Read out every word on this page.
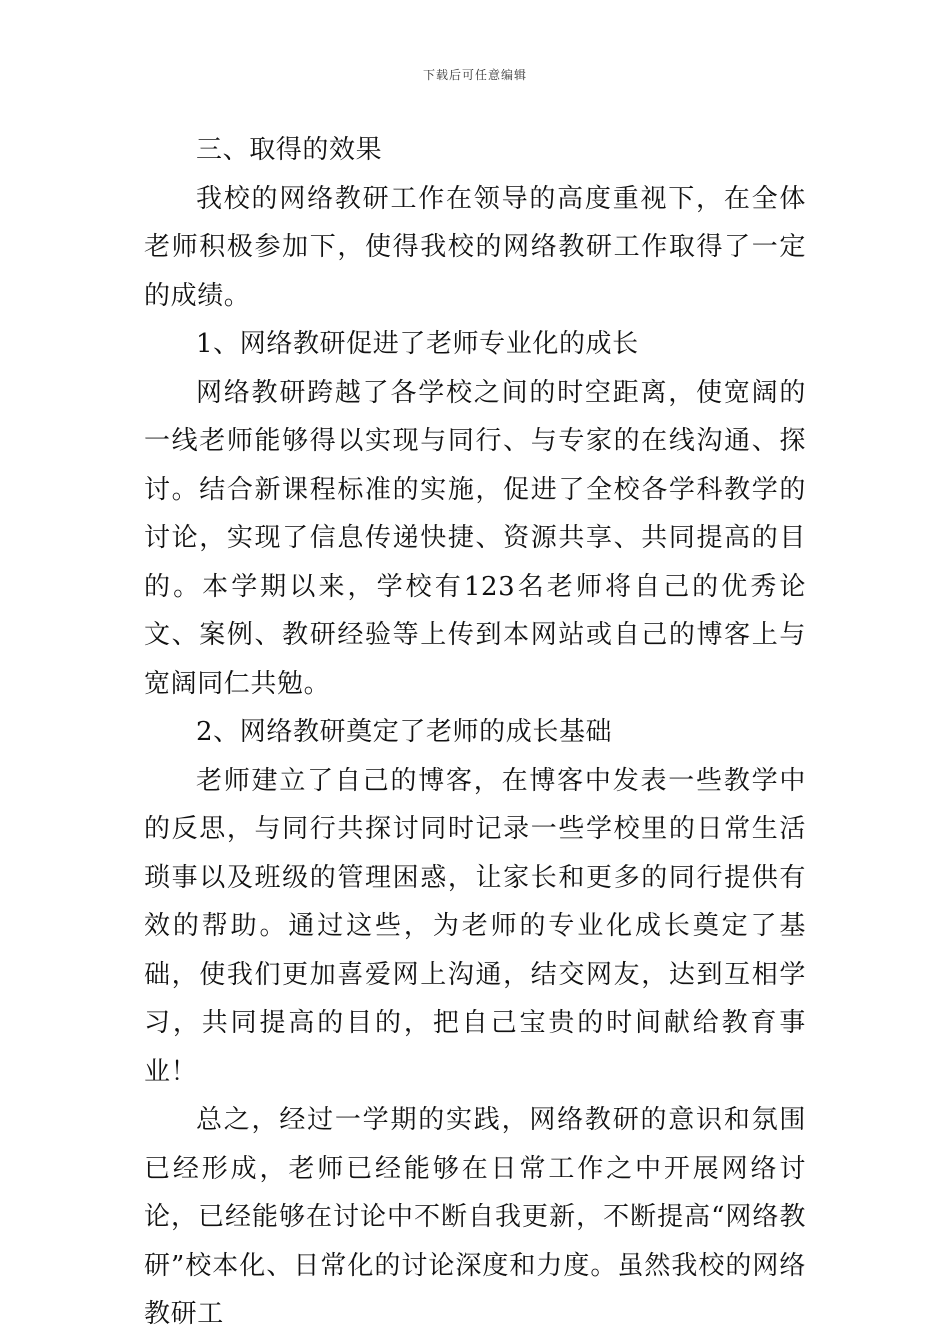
下载后可任意编辑

三、取得的效果

我校的网络教研工作在领导的高度重视下，在全体老师积极参加下，使得我校的网络教研工作取得了一定的成绩。

1、网络教研促进了老师专业化的成长

网络教研跨越了各学校之间的时空距离，使宽阔的一线老师能够得以实现与同行、与专家的在线沟通、探讨。结合新课程标准的实施，促进了全校各学科教学的讨论，实现了信息传递快捷、资源共享、共同提高的目的。本学期以来，学校有123名老师将自己的优秀论文、案例、教研经验等上传到本网站或自己的博客上与宽阔同仁共勉。

2、网络教研奠定了老师的成长基础

老师建立了自己的博客，在博客中发表一些教学中的反思，与同行共探讨同时记录一些学校里的日常生活琐事以及班级的管理困惑，让家长和更多的同行提供有效的帮助。通过这些，为老师的专业化成长奠定了基础，使我们更加喜爱网上沟通，结交网友，达到互相学习，共同提高的目的，把自己宝贵的时间献给教育事业！

总之，经过一学期的实践，网络教研的意识和氛围已经形成，老师已经能够在日常工作之中开展网络讨论，已经能够在讨论中不断自我更新，不断提高“网络教研”校本化、日常化的讨论深度和力度。虽然我校的网络教研工
